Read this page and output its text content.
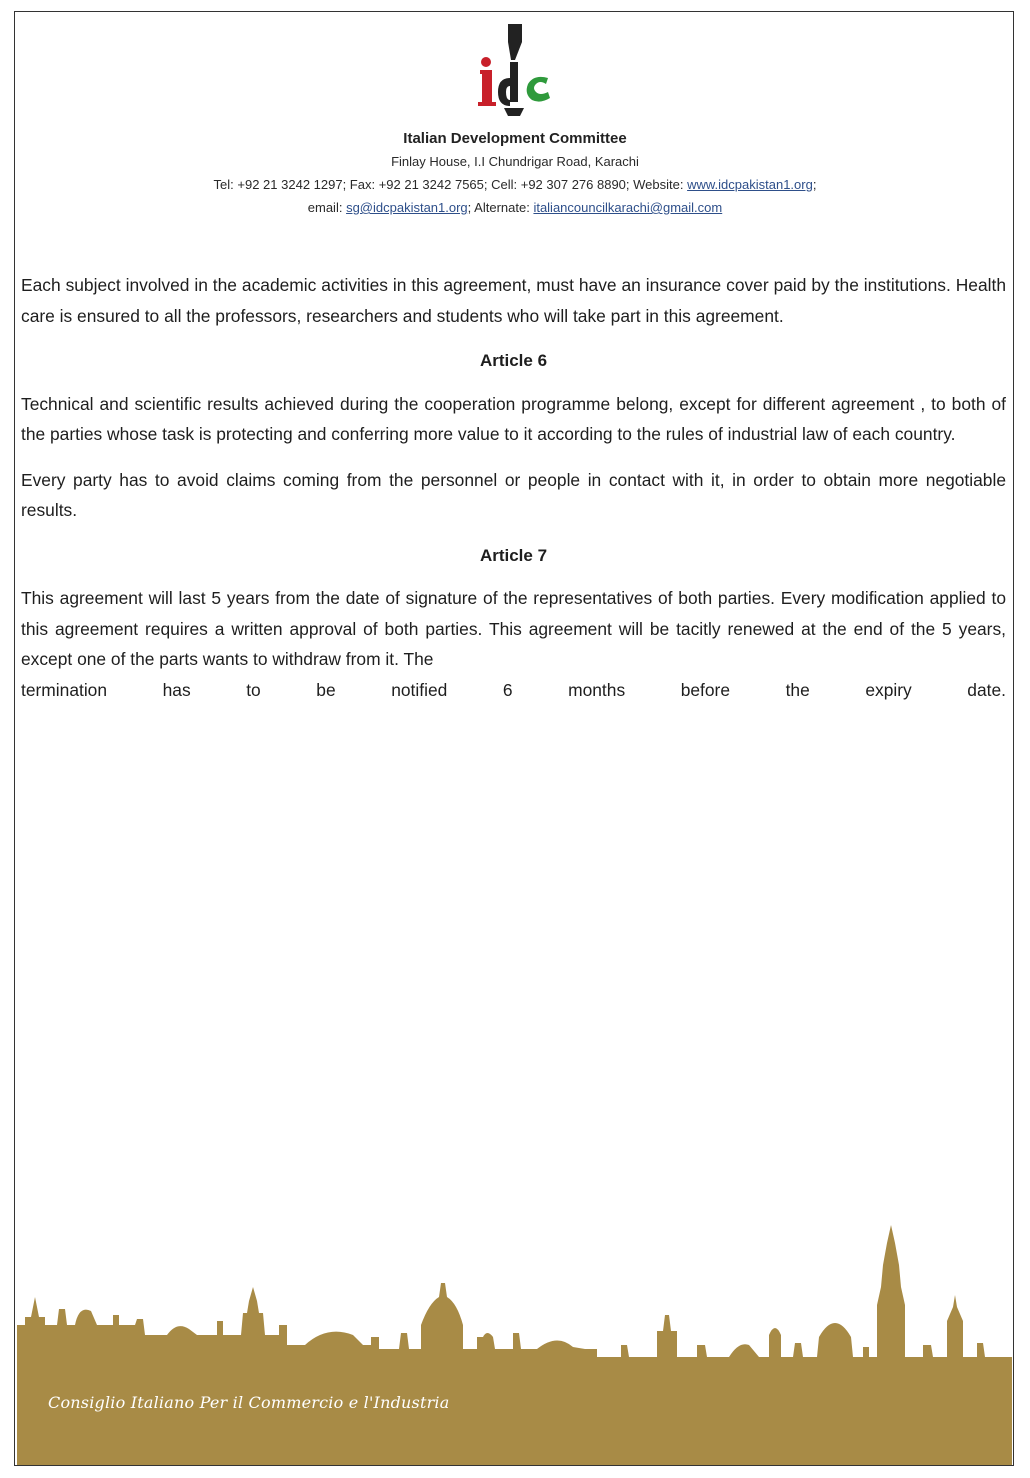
Italian Development Committee
Finlay House, I.I Chundrigar Road, Karachi
Tel: +92 21 3242 1297; Fax: +92 21 3242 7565; Cell: +92 307 276 8890; Website: www.idcpakistan1.org;
email: sg@idcpakistan1.org; Alternate: italiancouncilkarachi@gmail.com

Each subject involved in the academic activities in this agreement, must have an insurance cover paid by the institutions. Health care is ensured to all the professors, researchers and students who will take part in this agreement.

Article 6

Technical and scientific results achieved during the cooperation programme belong, except for different agreement , to both of the parties whose task is protecting and conferring more value to it according to the rules of industrial law of each country.

Every party has to avoid claims coming from the personnel or people in contact with it, in order to obtain more negotiable results.

Article 7

This agreement will last 5 years from the date of signature of the representatives of both parties. Every modification applied to this agreement requires a written approval of both parties. This agreement will be tacitly renewed at the end of the 5 years, except one of the parts wants to withdraw from it. The

termination has to be notified 6 months before the expiry date.

Consiglio Italiano Per il Commercio e l'Industria
